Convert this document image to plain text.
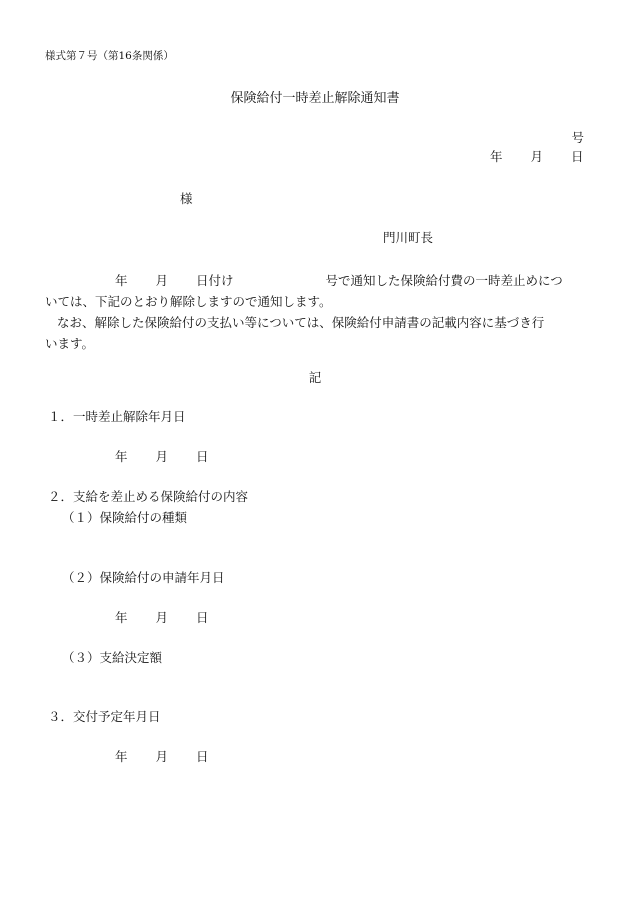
様式第７号（第16条関係）
保険給付一時差止解除通知書
号
年 月 日
様
門川町長

年 月 日付け	号で通知した保険給付費の一時差止めにつ

いては、下記のとおり解除しますので通知します。

なお、解除した保険給付の支払い等については、保険給付申請書の記載内容に基づき行

います。

記
１．一時差止解除年月日
年 月 日
２．支給を差止める保険給付の内容
（１）保険給付の種類
（２）保険給付の申請年月日
年 月 日
（３）支給決定額
３．交付予定年月日
年 月 日
